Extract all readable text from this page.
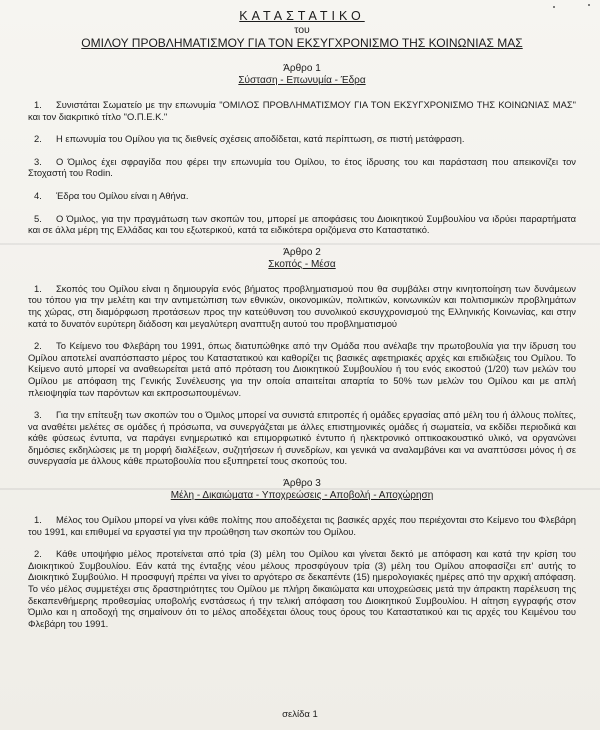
ΚΑΤΑΣΤΑΤΙΚΟ

του

ΟΜΙΛΟΥ ΠΡΟΒΛΗΜΑΤΙΣΜΟΥ ΓΙΑ ΤΟΝ ΕΚΣΥΓΧΡΟΝΙΣΜΟ ΤΗΣ ΚΟΙΝΩΝΙΑΣ ΜΑΣ

Άρθρο 1

Σύσταση - Επωνυμία - Έδρα

1. Συνιστάται Σωματείο με την επωνυμία "ΟΜΙΛΟΣ ΠΡΟΒΛΗΜΑΤΙΣΜΟΥ ΓΙΑ ΤΟΝ ΕΚΣΥΓΧΡΟΝΙΣΜΟ ΤΗΣ ΚΟΙΝΩΝΙΑΣ ΜΑΣ" και τον διακριτικό τίτλο "Ο.Π.Ε.Κ."

2. Η επωνυμία του Ομίλου για τις διεθνείς σχέσεις αποδίδεται, κατά περίπτωση, σε πιστή μετάφραση.

3. Ο Όμιλος έχει σφραγίδα που φέρει την επωνυμία του Ομίλου, το έτος ίδρυσης του και παράσταση που απεικονίζει τον Στοχαστή του Rodin.

4. Έδρα του Ομίλου είναι η Αθήνα.

5. Ο Όμιλος, για την πραγμάτωση των σκοπών του, μπορεί με αποφάσεις του Διοικητικού Συμβουλίου να ιδρύει παραρτήματα και σε άλλα μέρη της Ελλάδας και του εξωτερικού, κατά τα ειδικότερα οριζόμενα στο Καταστατικό.

Άρθρο 2

Σκοπός - Μέσα

1. Σκοπός του Ομίλου είναι η δημιουργία ενός βήματος προβληματισμού που θα συμβάλει στην κινητοποίηση των δυνάμεων του τόπου για την μελέτη και την αντιμετώπιση των εθνικών, οικονομικών, πολιτικών, κοινωνικών και πολιτισμικών προβλημάτων της χώρας, στη διαμόρφωση προτάσεων προς την κατεύθυνση του συνολικού εκσυγχρονισμού της Ελληνικής Κοινωνίας, και στην κατά το δυνατόν ευρύτερη διάδοση και μεγαλύτερη αναπτυξη αυτού του προβληματισμού

2. Το Κείμενο του Φλεβάρη του 1991, όπως διατυπώθηκε από την Ομάδα που ανέλαβε την πρωτοβουλία για την ίδρυση του Ομίλου αποτελεί αναπόσπαστο μέρος του Καταστατικού και καθορίζει τις βασικές αφετηριακές αρχές και επιδιώξεις του Ομίλου. Το Κείμενο αυτό μπορεί να αναθεωρείται μετά από πρόταση του Διοικητικού Συμβουλίου ή του ενός εικοστού (1/20) των μελών του Ομίλου με απόφαση της Γενικής Συνέλευσης για την οποία απαιτείται απαρτία το 50% των μελών του Ομίλου και με απλή πλειοψηφία των παρόντων και εκπροσωπουμένων.

3. Για την επίτευξη των σκοπών του ο Όμιλος μπορεί να συνιστά επιτροπές ή ομάδες εργασίας από μέλη του ή άλλους πολίτες, να αναθέτει μελέτες σε ομάδες ή πρόσωπα, να συνεργάζεται με άλλες επιστημονικές ομάδες ή σωματεία, να εκδίδει περιοδικά και κάθε φύσεως έντυπα, να παράγει ενημερωτικό και επιμορφωτικό έντυπο ή ηλεκτρονικό οπτικοακουστικό υλικό, να οργανώνει δημόσιες εκδηλώσεις με τη μορφή διαλέξεων, συζητήσεων ή συνεδρίων, και γενικά να αναλαμβάνει και να αναπτύσσει μόνος ή σε συνεργασία με άλλους κάθε πρωτοβουλία που εξυπηρετεί τους σκοπούς του.

Άρθρο 3

Μέλη - Δικαιώματα - Υποχρεώσεις - Αποβολή - Αποχώρηση

1. Μέλος του Ομίλου μπορεί να γίνει κάθε πολίτης που αποδέχεται τις βασικές αρχές που περιέχονται στο Κείμενο του Φλεβάρη του 1991, και επιθυμεί να εργαστεί για την προώθηση των σκοπών του Ομίλου.

2. Κάθε υποψήφιο μέλος προτείνεται από τρία (3) μέλη του Ομίλου και γίνεται δεκτό με απόφαση και κατά την κρίση του Διοικητικού Συμβουλίου. Εάν κατά της ένταξης νέου μέλους προσφύγουν τρία (3) μέλη του Ομίλου αποφασίζει επ' αυτής το Διοικητικό Συμβούλιο. Η προσφυγή πρέπει να γίνει το αργότερο σε δεκαπέντε (15) ημερολογιακές ημέρες από την αρχική απόφαση. Το νέο μέλος συμμετέχει στις δραστηριότητες του Ομίλου με πλήρη δικαιώματα και υποχρεώσεις μετά την άπρακτη παρέλευση της δεκαπενθήμερης προθεσμίας υποβολής ενστάσεως ή την τελική απόφαση του Διοικητικού Συμβουλίου. Η αίτηση εγγραφής στον Όμιλο και η αποδοχή της σημαίνουν ότι το μέλος αποδέχεται όλους τους όρους του Καταστατικού και τις αρχές του Κειμένου του Φλεβάρη του 1991.

σελίδα 1
